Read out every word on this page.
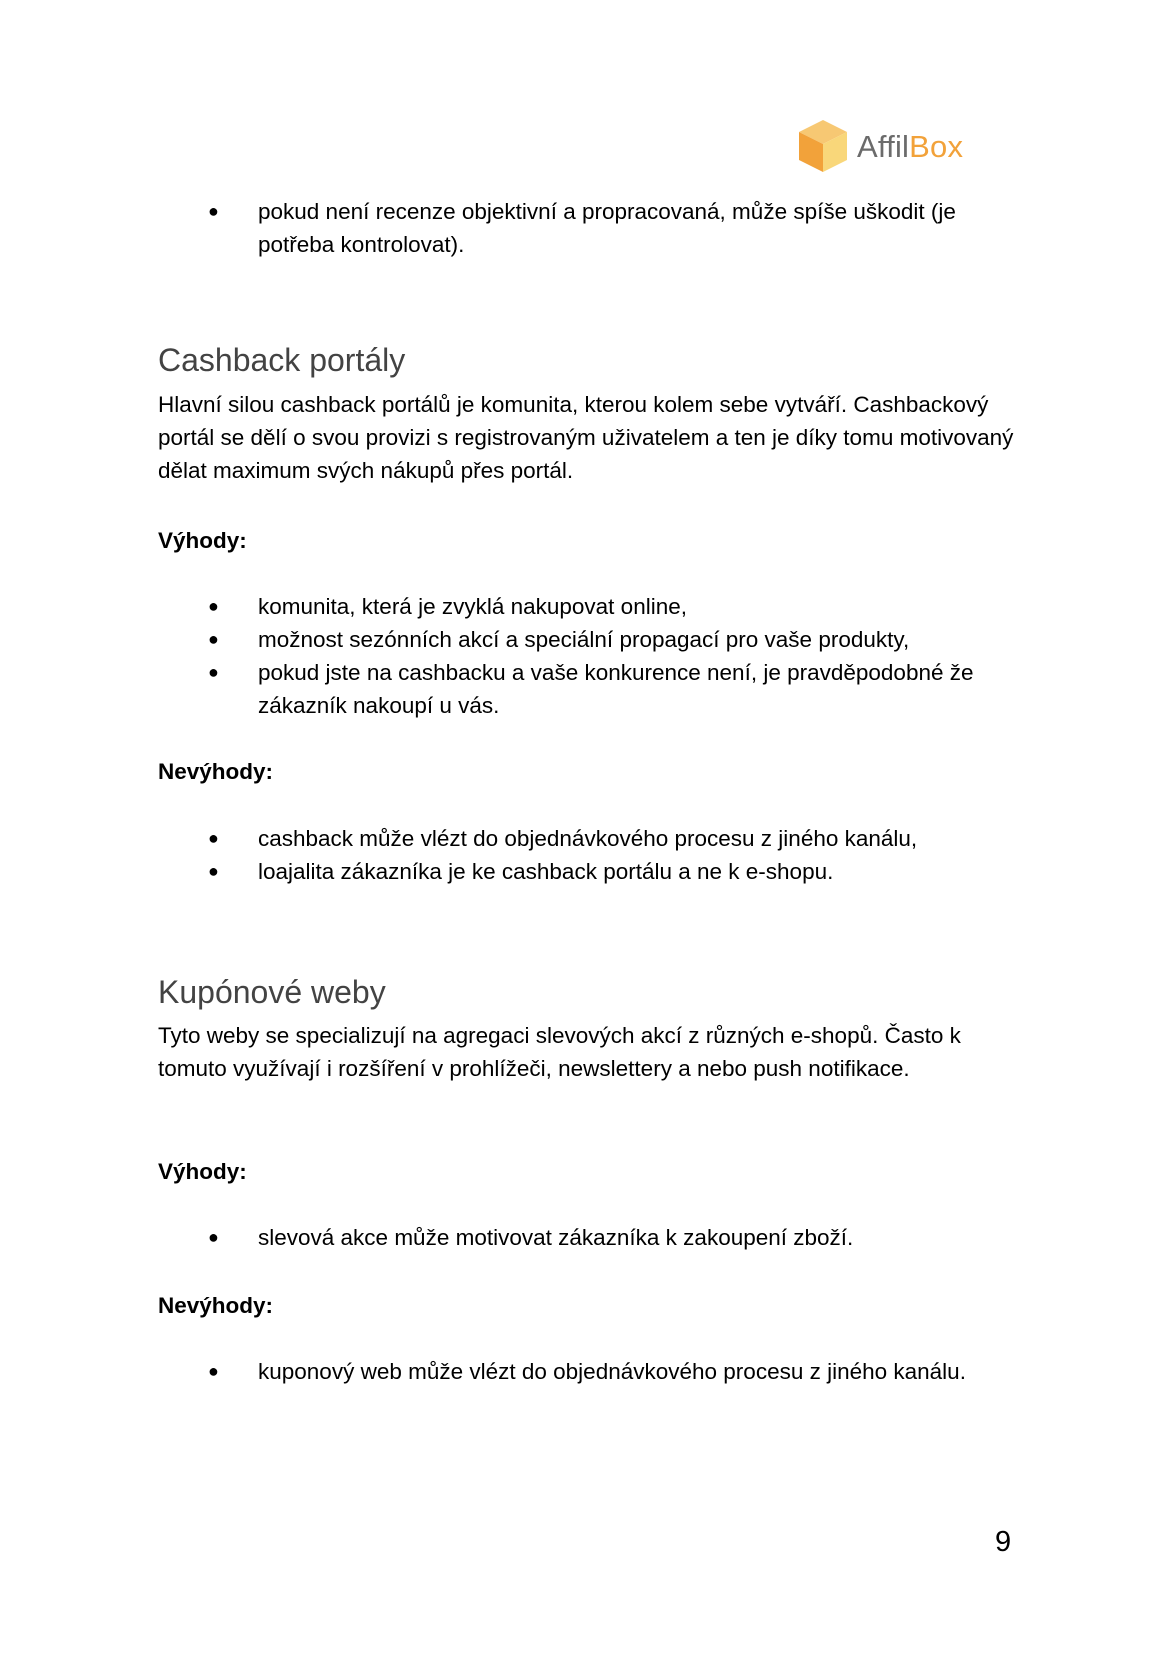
AffilBox
● pokud není recenze objektivní a propracovaná, může spíše uškodit (je potřeba kontrolovat).
Cashback portály

Hlavní silou cashback portálů je komunita, kterou kolem sebe vytváří. Cashbackový portál se dělí o svou provizi s registrovaným uživatelem a ten je díky tomu motivovaný dělat maximum svých nákupů přes portál.

Výhody:

● komunita, která je zvyklá nakupovat online,
● možnost sezónních akcí a speciální propagací pro vaše produkty,
● pokud jste na cashbacku a vaše konkurence není, je pravděpodobné že zákazník nakoupí u vás.

Nevýhody:

● cashback může vlézt do objednávkového procesu z jiného kanálu,
● loajalita zákazníka je ke cashback portálu a ne k e-shopu.
Kupónové weby

Tyto weby se specializují na agregaci slevových akcí z různých e-shopů. Často k tomuto využívají i rozšíření v prohlížeči, newslettery a nebo push notifikace.

Výhody:

● slevová akce může motivovat zákazníka k zakoupení zboží.

Nevýhody:

● kuponový web může vlézt do objednávkového procesu z jiného kanálu.
9
